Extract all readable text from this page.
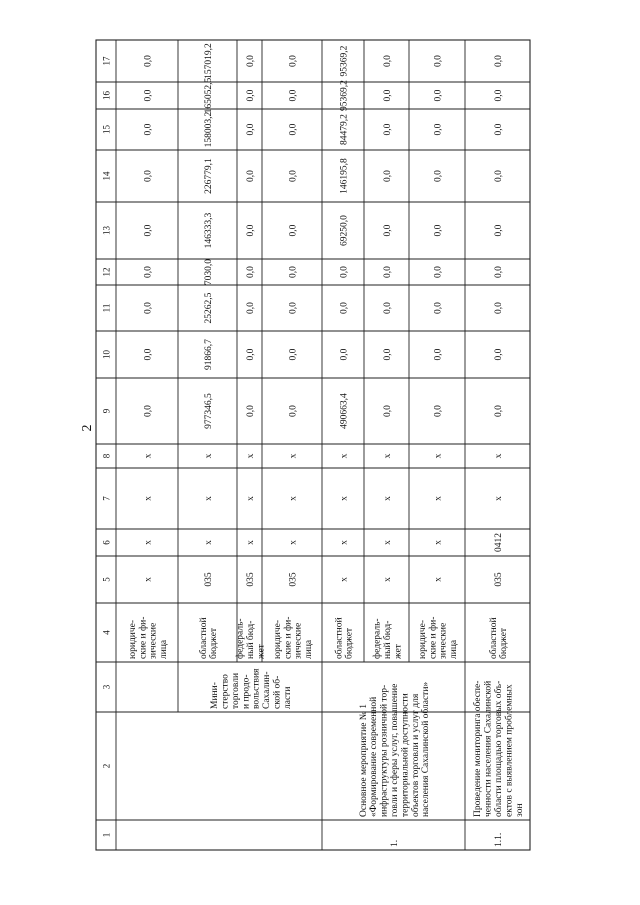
2
1
2
3
4
5
6
7
8
9
10
11
12
13
14
15
16
17
юридиче- ские и фи- зические лица
х
х
х
х
0,0
0,0
0,0
0,0
0,0
0,0
0,0
0,0
0,0
Мини- стерство торговли и продо- вольствия Сахалин- ской об- ласти
областной бюджет
035
х
х
х
977346,5
91866,7
25262,5
7030,0
146333,3
226779,1
158003,2
165052,5
157019,2
федераль- ный бюд- жет
035
х
х
х
0,0
0,0
0,0
0,0
0,0
0,0
0,0
0,0
0,0
юридиче- ские и фи- зические лица
035
х
х
х
0,0
0,0
0,0
0,0
0,0
0,0
0,0
0,0
0,0
1.
Основное мероприятие № 1 «Формирование современной инфраструктуры розничной тор- говли и сферы услуг, повышение территориальной доступности объектов торговли и услуг для населения Сахалинской области»
областной бюджет
х
х
х
х
490663,4
0,0
0,0
0,0
69250,0
146195,8
84479,2
95369,2
95369,2
федераль- ный бюд- жет
х
х
х
х
0,0
0,0
0,0
0,0
0,0
0,0
0,0
0,0
0,0
юридиче- ские и фи- зические лица
х
х
х
х
0,0
0,0
0,0
0,0
0,0
0,0
0,0
0,0
0,0
1.1.
Проведение мониторинга обеспе- ченности населения Сахалинской области площадью торговых объ- ектов с выявлением проблемных зон
областной бюджет
035
0412
х
х
0,0
0,0
0,0
0,0
0,0
0,0
0,0
0,0
0,0
